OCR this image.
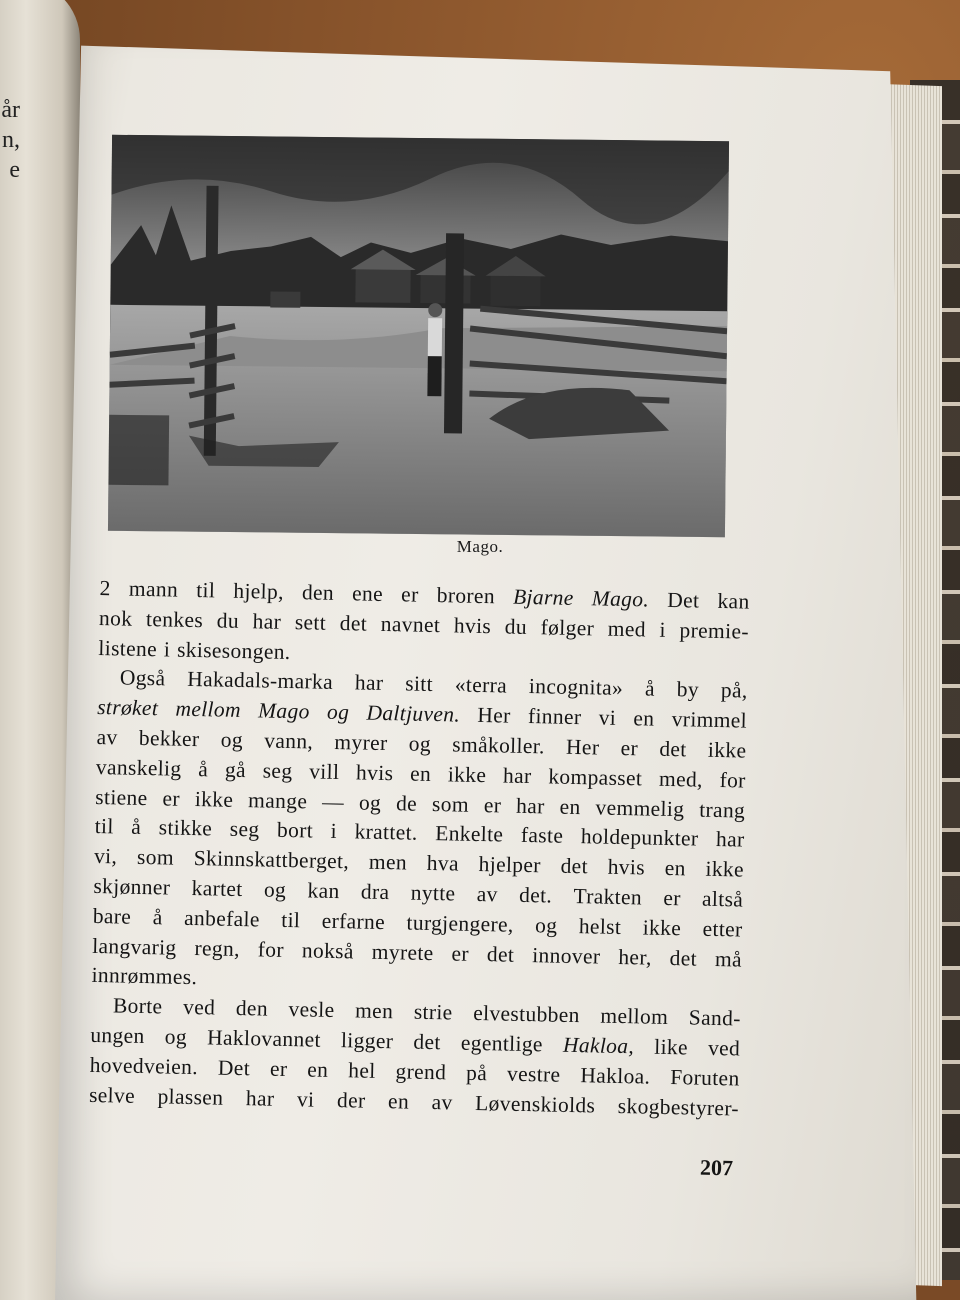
år
n,
e
Mago.
2 mann til hjelp, den ene er broren Bjarne Mago. Det kan
nok tenkes du har sett det navnet hvis du følger med i premie-
listene i skisesongen.
Også Hakadals-marka har sitt «terra incognita» å by på,
strøket mellom Mago og Daltjuven. Her finner vi en vrimmel
av bekker og vann, myrer og småkoller. Her er det ikke
vanskelig å gå seg vill hvis en ikke har kompasset med, for
stiene er ikke mange — og de som er har en vemmelig trang
til å stikke seg bort i krattet. Enkelte faste holdepunkter har
vi, som Skinnskattberget, men hva hjelper det hvis en ikke
skjønner kartet og kan dra nytte av det. Trakten er altså
bare å anbefale til erfarne turgjengere, og helst ikke etter
langvarig regn, for nokså myrete er det innover her, det må
innrømmes.
Borte ved den vesle men strie elvestubben mellom Sand-
ungen og Haklovannet ligger det egentlige Hakloa, like ved
hovedveien. Det er en hel grend på vestre Hakloa. Foruten
selve plassen har vi der en av Løvenskiolds skogbestyrer-
207
